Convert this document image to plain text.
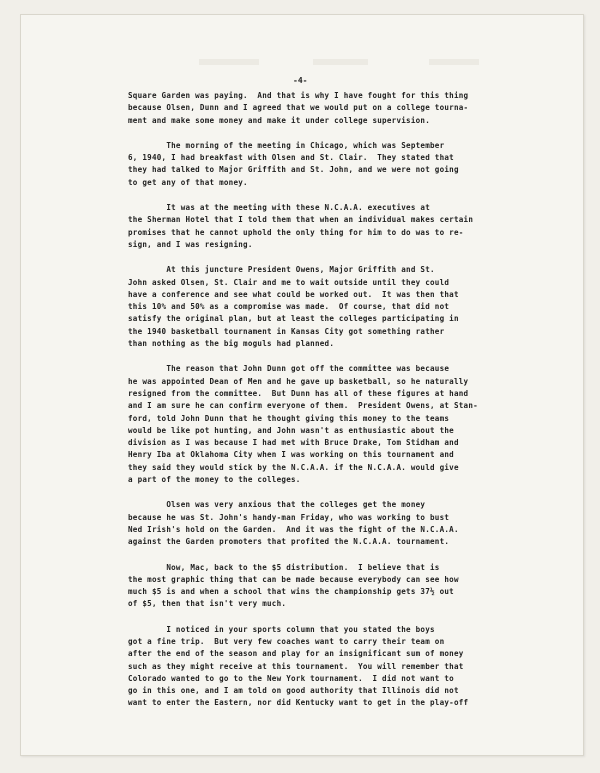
-4-
Square Garden was paying.  And that is why I have fought for this thing
because Olsen, Dunn and I agreed that we would put on a college tourna-
ment and make some money and make it under college supervision.
The morning of the meeting in Chicago, which was September
6, 1940, I had breakfast with Olsen and St. Clair.  They stated that
they had talked to Major Griffith and St. John, and we were not going
to get any of that money.
It was at the meeting with these N.C.A.A. executives at
the Sherman Hotel that I told them that when an individual makes certain
promises that he cannot uphold the only thing for him to do was to re-
sign, and I was resigning.
At this juncture President Owens, Major Griffith and St.
John asked Olsen, St. Clair and me to wait outside until they could
have a conference and see what could be worked out.  It was then that
this 10% and 50% as a compromise was made.  Of course, that did not
satisfy the original plan, but at least the colleges participating in
the 1940 basketball tournament in Kansas City got something rather
than nothing as the big moguls had planned.
The reason that John Dunn got off the committee was because
he was appointed Dean of Men and he gave up basketball, so he naturally
resigned from the committee.  But Dunn has all of these figures at hand
and I am sure he can confirm everyone of them.  President Owens, at Stan-
ford, told John Dunn that he thought giving this money to the teams
would be like pot hunting, and John wasn't as enthusiastic about the
division as I was because I had met with Bruce Drake, Tom Stidham and
Henry Iba at Oklahoma City when I was working on this tournament and
they said they would stick by the N.C.A.A. if the N.C.A.A. would give
a part of the money to the colleges.
Olsen was very anxious that the colleges get the money
because he was St. John's handy-man Friday, who was working to bust
Ned Irish's hold on the Garden.  And it was the fight of the N.C.A.A.
against the Garden promoters that profited the N.C.A.A. tournament.
Now, Mac, back to the $5 distribution.  I believe that is
the most graphic thing that can be made because everybody can see how
much $5 is and when a school that wins the championship gets 37½ out
of $5, then that isn't very much.
I noticed in your sports column that you stated the boys
got a fine trip.  But very few coaches want to carry their team on
after the end of the season and play for an insignificant sum of money
such as they might receive at this tournament.  You will remember that
Colorado wanted to go to the New York tournament.  I did not want to
go in this one, and I am told on good authority that Illinois did not
want to enter the Eastern, nor did Kentucky want to get in the play-off
